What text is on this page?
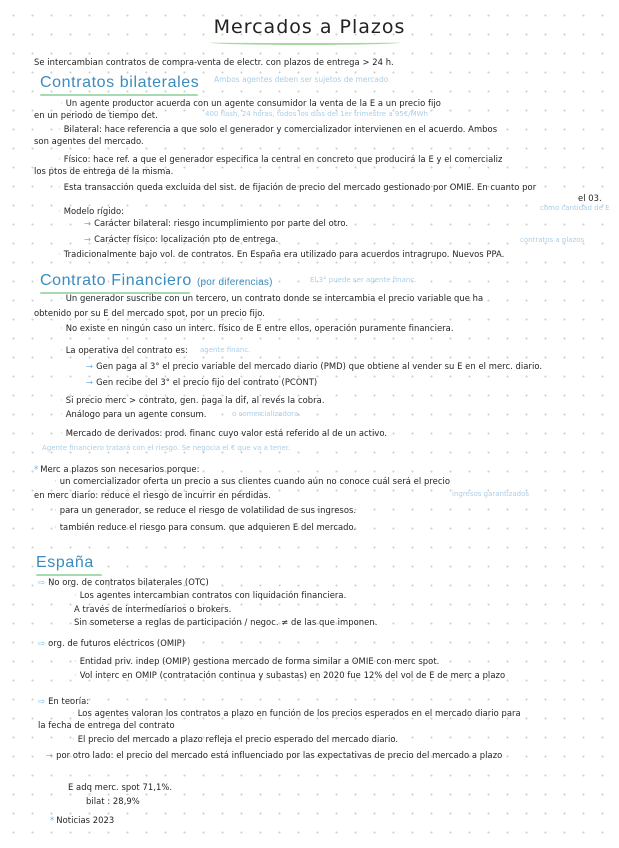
Mercados a Plazos
Se intercambian contratos de compra-venta de electr. con plazos de entrega > 24 h.
Contratos bilaterales Ambos agentes deben ser sujetos de mercado
· Un agente productor acuerda con un agente consumidor la venta de la E a un precio fijo
en un periodo de tiempo det.	400 flash, 24 horas, todos los días del 1er trimestre a 95€/MWh
· Bilateral: hace referencia a que solo el generador y comercializador intervienen en el acuerdo. Ambos
son agentes del mercado.
· Físico: hace ref. a que el generador especifica la central en concreto que producirá la E y el comercializ
los ptos de entrega de la misma.
· Esta transacción queda excluida del sist. de fijación de precio del mercado gestionado por OMIE. En cuanto por
el 03.
· Modelo rígido:	como cantidad de E
→ Carácter bilateral: riesgo incumplimiento por parte del otro.
→ Carácter físico: localización pto de entrega.	contratos a plazos
· Tradicionalmente bajo vol. de contratos. En España era utilizado para acuerdos intragrupo. Nuevos PPA.
Contrato Financiero (por diferencias)	El 3° puede ser agente financ.
· Un generador suscribe con un tercero, un contrato donde se intercambia el precio variable que ha
obtenido por su E del mercado spot, por un precio fijo.
· No existe en ningún caso un interc. físico de E entre ellos, operación puramente financiera.
· La operativa del contrato es: agente financ.
→ Gen paga al 3° el precio variable del mercado diario (PMD) que obtiene al vender su E en el merc. diario.
→ Gen recibe del 3° el precio fijo del contrato (PCONT)
· Si precio merc > contrato, gen. paga la dif, al revés la cobra.
· Análogo para un agente consum.	o comercializadora.
· Mercado de derivados: prod. financ cuyo valor está referido al de un activo.
Agente financiero tratará con el riesgo. Se negocia el € que va a tener.
* Merc a plazos son necesarios porque:
· un comercializador oferta un precio a sus clientes cuando aún no conoce cuál será el precio
en merc diario: reduce el riesgo de incurrir en pérdidas.	ingresos garantizados
· para un generador, se reduce el riesgo de volatilidad de sus ingresos.
· también reduce el riesgo para consum. que adquieren E del mercado.
España
⇨ No org. de contratos bilaterales (OTC)
· Los agentes intercambian contratos con liquidación financiera.
A través de intermediarios o brokers.
Sin someterse a reglas de participación / negoc. ≠ de las que imponen.
⇨ org. de futuros eléctricos (OMIP)
· Entidad priv. indep (OMIP) gestiona mercado de forma similar a OMIE con merc spot.
· Vol interc en OMIP (contratación continua y subastas) en 2020 fue 12% del vol de E de merc a plazo
⇨ En teoría:
· Los agentes valoran los contratos a plazo en función de los precios esperados en el mercado diario para
la fecha de entrega del contrato
· El precio del mercado a plazo refleja el precio esperado del mercado diario.
→ por otro lado: el precio del mercado está influenciado por las expectativas de precio del mercado a plazo
E adq merc. spot 71,1%.
bilat : 28,9%
* Noticias 2023
